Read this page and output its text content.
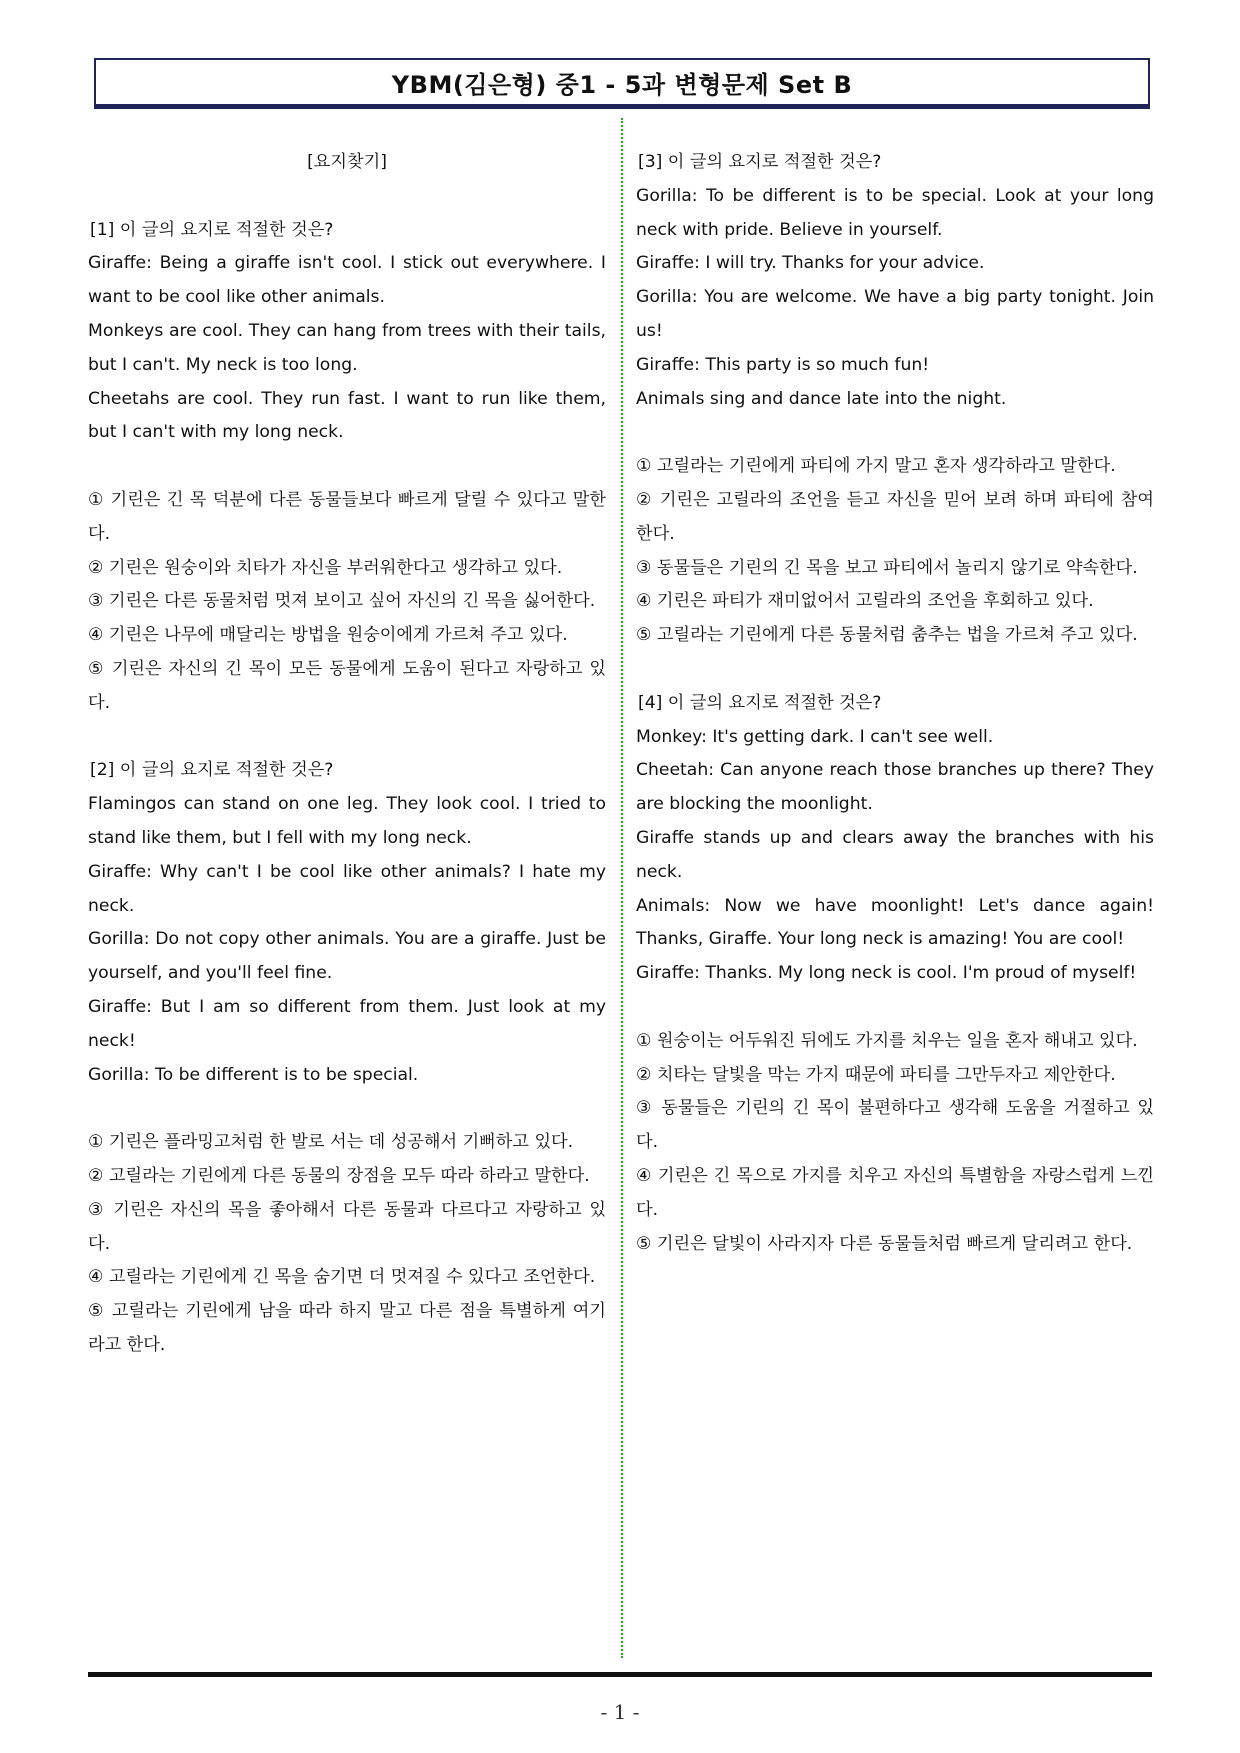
YBM(김은형) 중1 - 5과 변형문제 Set B

[요지찾기]

[1] 이 글의 요지로 적절한 것은?

Giraffe: Being a giraffe isn't cool. I stick out everywhere. I want to be cool like other animals.

Monkeys are cool. They can hang from trees with their tails, but I can't. My neck is too long.

Cheetahs are cool. They run fast. I want to run like them, but I can't with my long neck.

① 기린은 긴 목 덕분에 다른 동물들보다 빠르게 달릴 수 있다고 말한다.

② 기린은 원숭이와 치타가 자신을 부러워한다고 생각하고 있다.

③ 기린은 다른 동물처럼 멋져 보이고 싶어 자신의 긴 목을 싫어한다.

④ 기린은 나무에 매달리는 방법을 원숭이에게 가르쳐 주고 있다.

⑤ 기린은 자신의 긴 목이 모든 동물에게 도움이 된다고 자랑하고 있다.

[2] 이 글의 요지로 적절한 것은?

Flamingos can stand on one leg. They look cool. I tried to stand like them, but I fell with my long neck.

Giraffe: Why can't I be cool like other animals? I hate my neck.

Gorilla: Do not copy other animals. You are a giraffe. Just be yourself, and you'll feel fine.

Giraffe: But I am so different from them. Just look at my neck!

Gorilla: To be different is to be special.

① 기린은 플라밍고처럼 한 발로 서는 데 성공해서 기뻐하고 있다.

② 고릴라는 기린에게 다른 동물의 장점을 모두 따라 하라고 말한다.

③ 기린은 자신의 목을 좋아해서 다른 동물과 다르다고 자랑하고 있다.

④ 고릴라는 기린에게 긴 목을 숨기면 더 멋져질 수 있다고 조언한다.

⑤ 고릴라는 기린에게 남을 따라 하지 말고 다른 점을 특별하게 여기라고 한다.

[3] 이 글의 요지로 적절한 것은?

Gorilla: To be different is to be special. Look at your long neck with pride. Believe in yourself.

Giraffe: I will try. Thanks for your advice.

Gorilla: You are welcome. We have a big party tonight. Join us!

Giraffe: This party is so much fun!

Animals sing and dance late into the night.

① 고릴라는 기린에게 파티에 가지 말고 혼자 생각하라고 말한다.

② 기린은 고릴라의 조언을 듣고 자신을 믿어 보려 하며 파티에 참여한다.

③ 동물들은 기린의 긴 목을 보고 파티에서 놀리지 않기로 약속한다.

④ 기린은 파티가 재미없어서 고릴라의 조언을 후회하고 있다.

⑤ 고릴라는 기린에게 다른 동물처럼 춤추는 법을 가르쳐 주고 있다.

[4] 이 글의 요지로 적절한 것은?

Monkey: It's getting dark. I can't see well.

Cheetah: Can anyone reach those branches up there? They are blocking the moonlight.

Giraffe stands up and clears away the branches with his neck.

Animals: Now we have moonlight! Let's dance again! Thanks, Giraffe. Your long neck is amazing! You are cool!

Giraffe: Thanks. My long neck is cool. I'm proud of myself!

① 원숭이는 어두워진 뒤에도 가지를 치우는 일을 혼자 해내고 있다.

② 치타는 달빛을 막는 가지 때문에 파티를 그만두자고 제안한다.

③ 동물들은 기린의 긴 목이 불편하다고 생각해 도움을 거절하고 있다.

④ 기린은 긴 목으로 가지를 치우고 자신의 특별함을 자랑스럽게 느낀다.

⑤ 기린은 달빛이 사라지자 다른 동물들처럼 빠르게 달리려고 한다.

- 1 -
